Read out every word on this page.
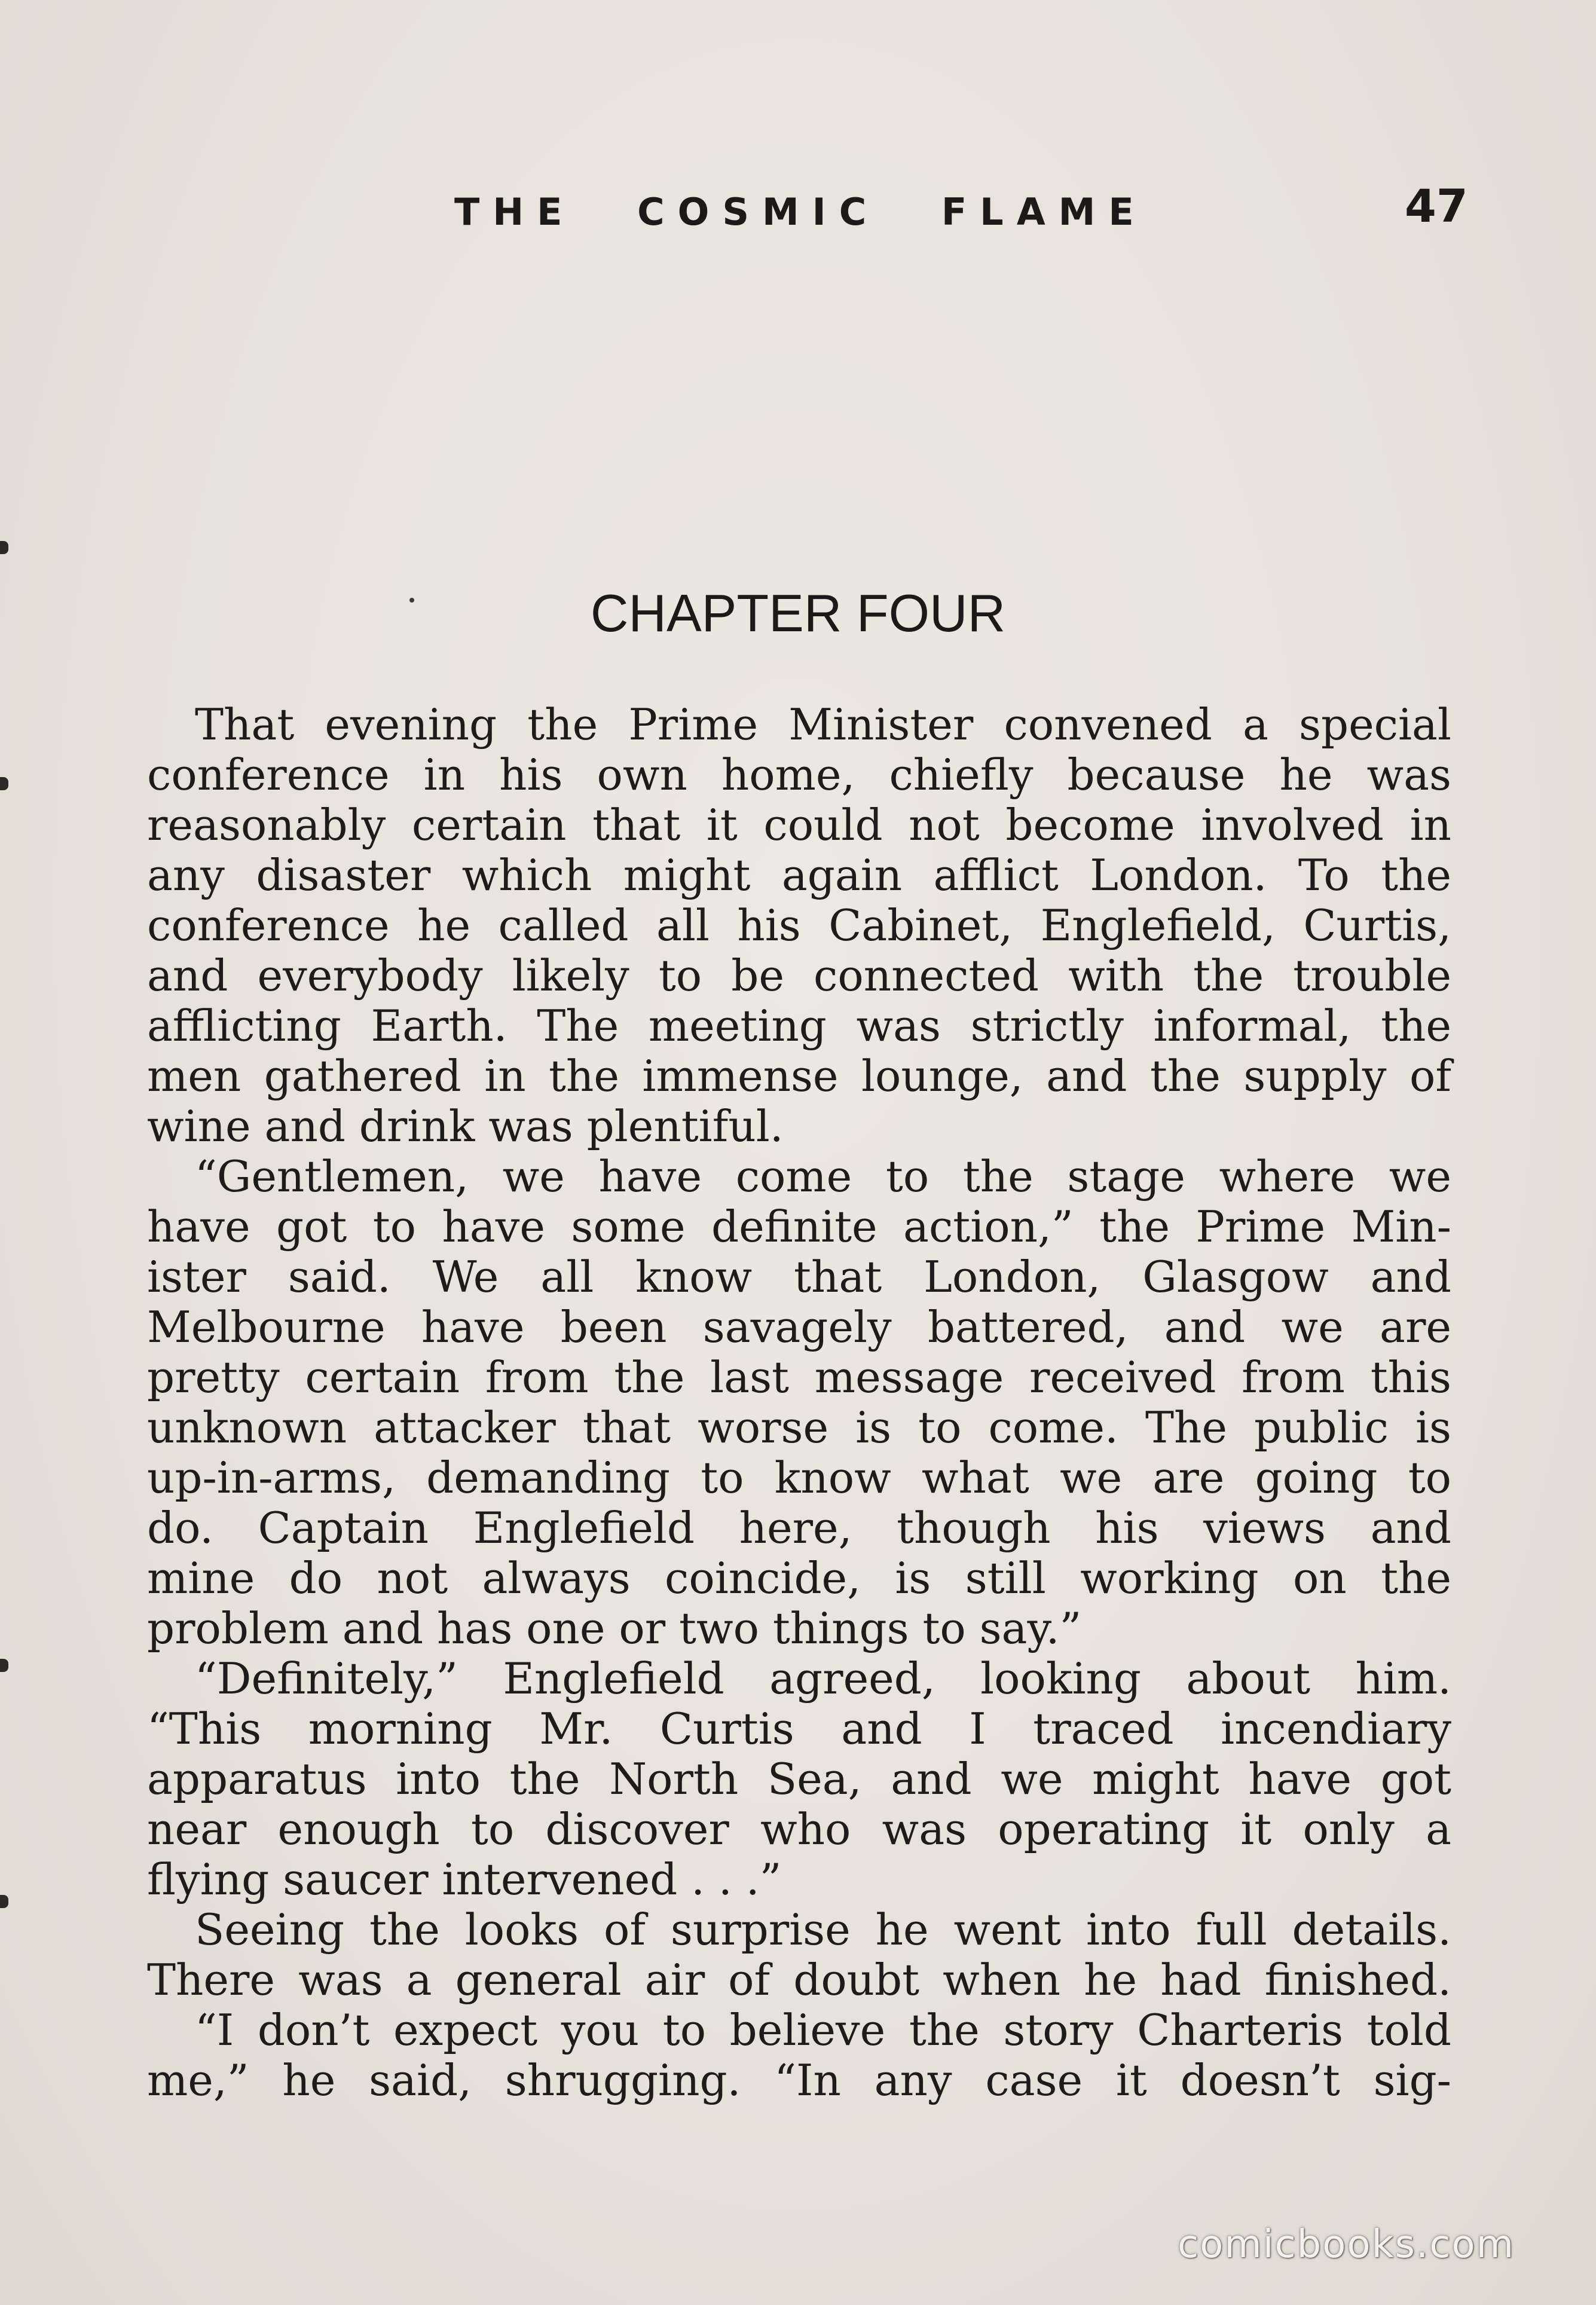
THE COSMIC FLAME	47
CHAPTER FOUR
That evening the Prime Minister convened a special
conference in his own home, chiefly because he was
reasonably certain that it could not become involved in
any disaster which might again afflict London. To the
conference he called all his Cabinet, Englefield, Curtis,
and everybody likely to be connected with the trouble
afflicting Earth. The meeting was strictly informal, the
men gathered in the immense lounge, and the supply of
wine and drink was plentiful.
“Gentlemen, we have come to the stage where we
have got to have some definite action,” the Prime Min-
ister said. We all know that London, Glasgow and
Melbourne have been savagely battered, and we are
pretty certain from the last message received from this
unknown attacker that worse is to come. The public is
up-in-arms, demanding to know what we are going to
do. Captain Englefield here, though his views and
mine do not always coincide, is still working on the
problem and has one or two things to say.”
“Definitely,” Englefield agreed, looking about him.
“This morning Mr. Curtis and I traced incendiary
apparatus into the North Sea, and we might have got
near enough to discover who was operating it only a
flying saucer intervened . . .”
Seeing the looks of surprise he went into full details.
There was a general air of doubt when he had finished.
“I don’t expect you to believe the story Charteris told
me,” he said, shrugging. “In any case it doesn’t sig-
comicbooks.com
